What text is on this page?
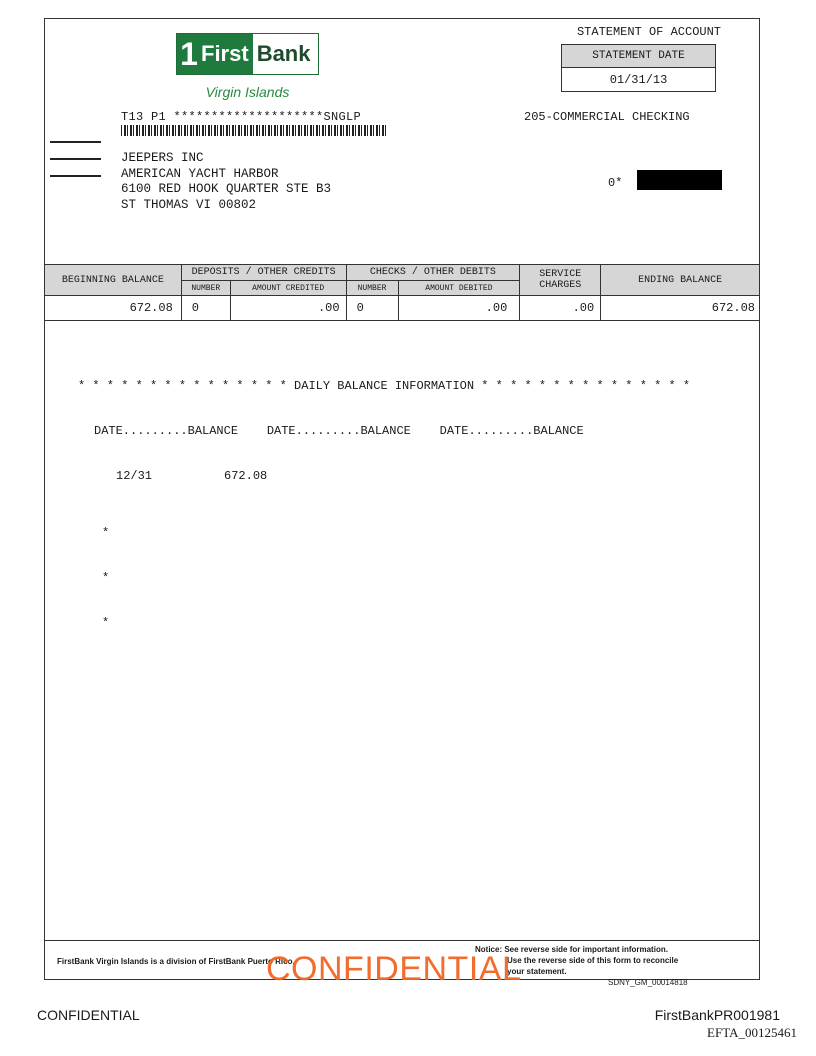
1 First Bank
Virgin Islands
T13 P1 ********************SNGLP
JEEPERS INC
AMERICAN YACHT HARBOR
6100 RED HOOK QUARTER STE B3
ST THOMAS VI 00802
STATEMENT OF ACCOUNT
STATEMENT DATE
01/31/13
205-COMMERCIAL CHECKING
0*
BEGINNING BALANCE	DEPOSITS / OTHER CREDITS		CHECKS / OTHER DEBITS		SERVICE CHARGES	ENDING BALANCE
	NUMBER	AMOUNT CREDITED	NUMBER	AMOUNT DEBITED		
672.08	0	.00	0	.00	.00	672.08

* * * * * * * * * * * * * * * DAILY BALANCE INFORMATION * * * * * * * * * * * * * * *

DATE.........BALANCE    DATE.........BALANCE    DATE.........BALANCE

12/31          672.08

*

*

*

FirstBank Virgin Islands is a division of FirstBank Puerto Rico.
Notice: See reverse side for important information.
Use the reverse side of this form to reconcile
your statement.
CONFIDENTIAL	SDNY_GM_00014818
CONFIDENTIAL	FirstBankPR001981
EFTA_00125461
